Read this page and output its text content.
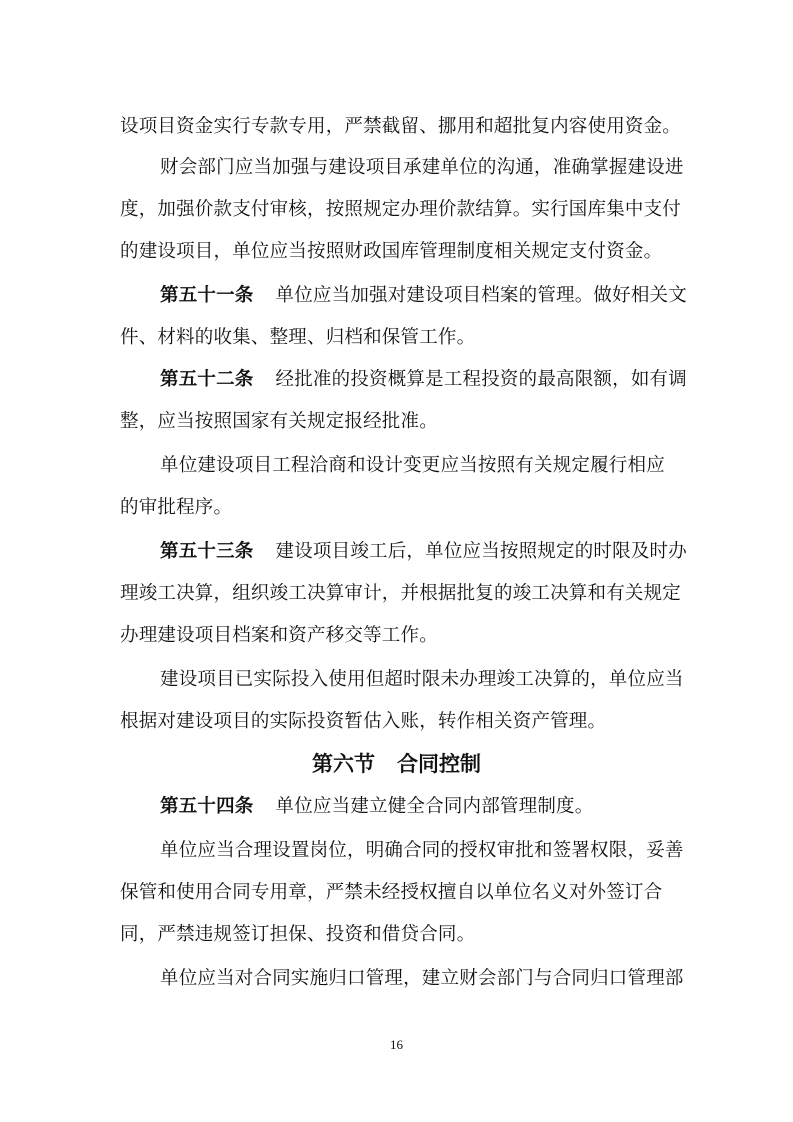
设项目资金实行专款专用，严禁截留、挪用和超批复内容使用资金。
财会部门应当加强与建设项目承建单位的沟通，准确掌握建设进
度，加强价款支付审核，按照规定办理价款结算。实行国库集中支付
的建设项目，单位应当按照财政国库管理制度相关规定支付资金。
第五十一条 单位应当加强对建设项目档案的管理。做好相关文
件、材料的收集、整理、归档和保管工作。
第五十二条 经批准的投资概算是工程投资的最高限额，如有调
整，应当按照国家有关规定报经批准。
单位建设项目工程洽商和设计变更应当按照有关规定履行相应
的审批程序。
第五十三条 建设项目竣工后，单位应当按照规定的时限及时办
理竣工决算，组织竣工决算审计，并根据批复的竣工决算和有关规定
办理建设项目档案和资产移交等工作。
建设项目已实际投入使用但超时限未办理竣工决算的，单位应当
根据对建设项目的实际投资暂估入账，转作相关资产管理。
第六节 合同控制
第五十四条 单位应当建立健全合同内部管理制度。
单位应当合理设置岗位，明确合同的授权审批和签署权限，妥善
保管和使用合同专用章，严禁未经授权擅自以单位名义对外签订合
同，严禁违规签订担保、投资和借贷合同。
单位应当对合同实施归口管理，建立财会部门与合同归口管理部
16
